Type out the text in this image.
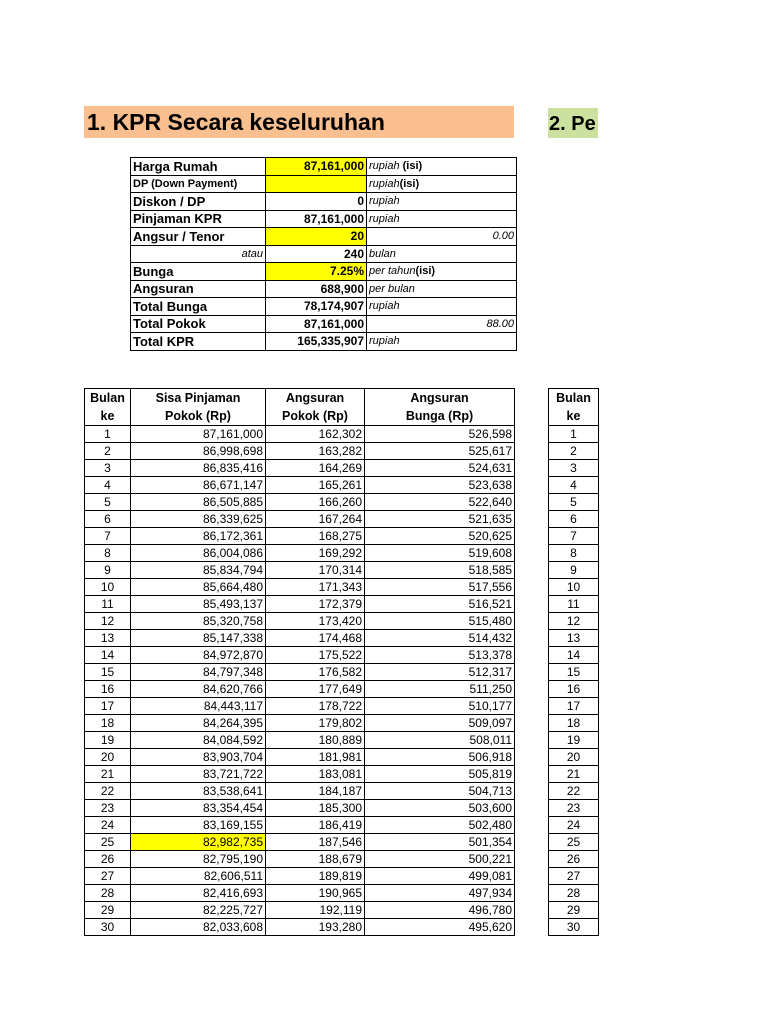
1. KPR Secara keseluruhan	2. Pe
Harga Rumah	87,161,000	rupiah (isi)
DP (Down Payment)		rupiah(isi)
Diskon / DP	0	rupiah
Pinjaman KPR	87,161,000	rupiah
Angsur / Tenor	20	0.00
atau	240	bulan
Bunga	7.25%	per tahun(isi)
Angsuran	688,900	per bulan
Total Bunga	78,174,907	rupiah
Total Pokok	87,161,000	88.00
Total KPR	165,335,907	rupiah
Bulan	Sisa Pinjaman	Angsuran	Angsuran
ke	Pokok (Rp)	Pokok (Rp)	Bunga (Rp)
1	87,161,000	162,302	526,598
2	86,998,698	163,282	525,617
3	86,835,416	164,269	524,631
4	86,671,147	165,261	523,638
5	86,505,885	166,260	522,640
6	86,339,625	167,264	521,635
7	86,172,361	168,275	520,625
8	86,004,086	169,292	519,608
9	85,834,794	170,314	518,585
10	85,664,480	171,343	517,556
11	85,493,137	172,379	516,521
12	85,320,758	173,420	515,480
13	85,147,338	174,468	514,432
14	84,972,870	175,522	513,378
15	84,797,348	176,582	512,317
16	84,620,766	177,649	511,250
17	84,443,117	178,722	510,177
18	84,264,395	179,802	509,097
19	84,084,592	180,889	508,011
20	83,903,704	181,981	506,918
21	83,721,722	183,081	505,819
22	83,538,641	184,187	504,713
23	83,354,454	185,300	503,600
24	83,169,155	186,419	502,480
25	82,982,735	187,546	501,354
26	82,795,190	188,679	500,221
27	82,606,511	189,819	499,081
28	82,416,693	190,965	497,934
29	82,225,727	192,119	496,780
30	82,033,608	193,280	495,620
Bulan
ke
1
2
3
4
5
6
7
8
9
10
11
12
13
14
15
16
17
18
19
20
21
22
23
24
25
26
27
28
29
30
